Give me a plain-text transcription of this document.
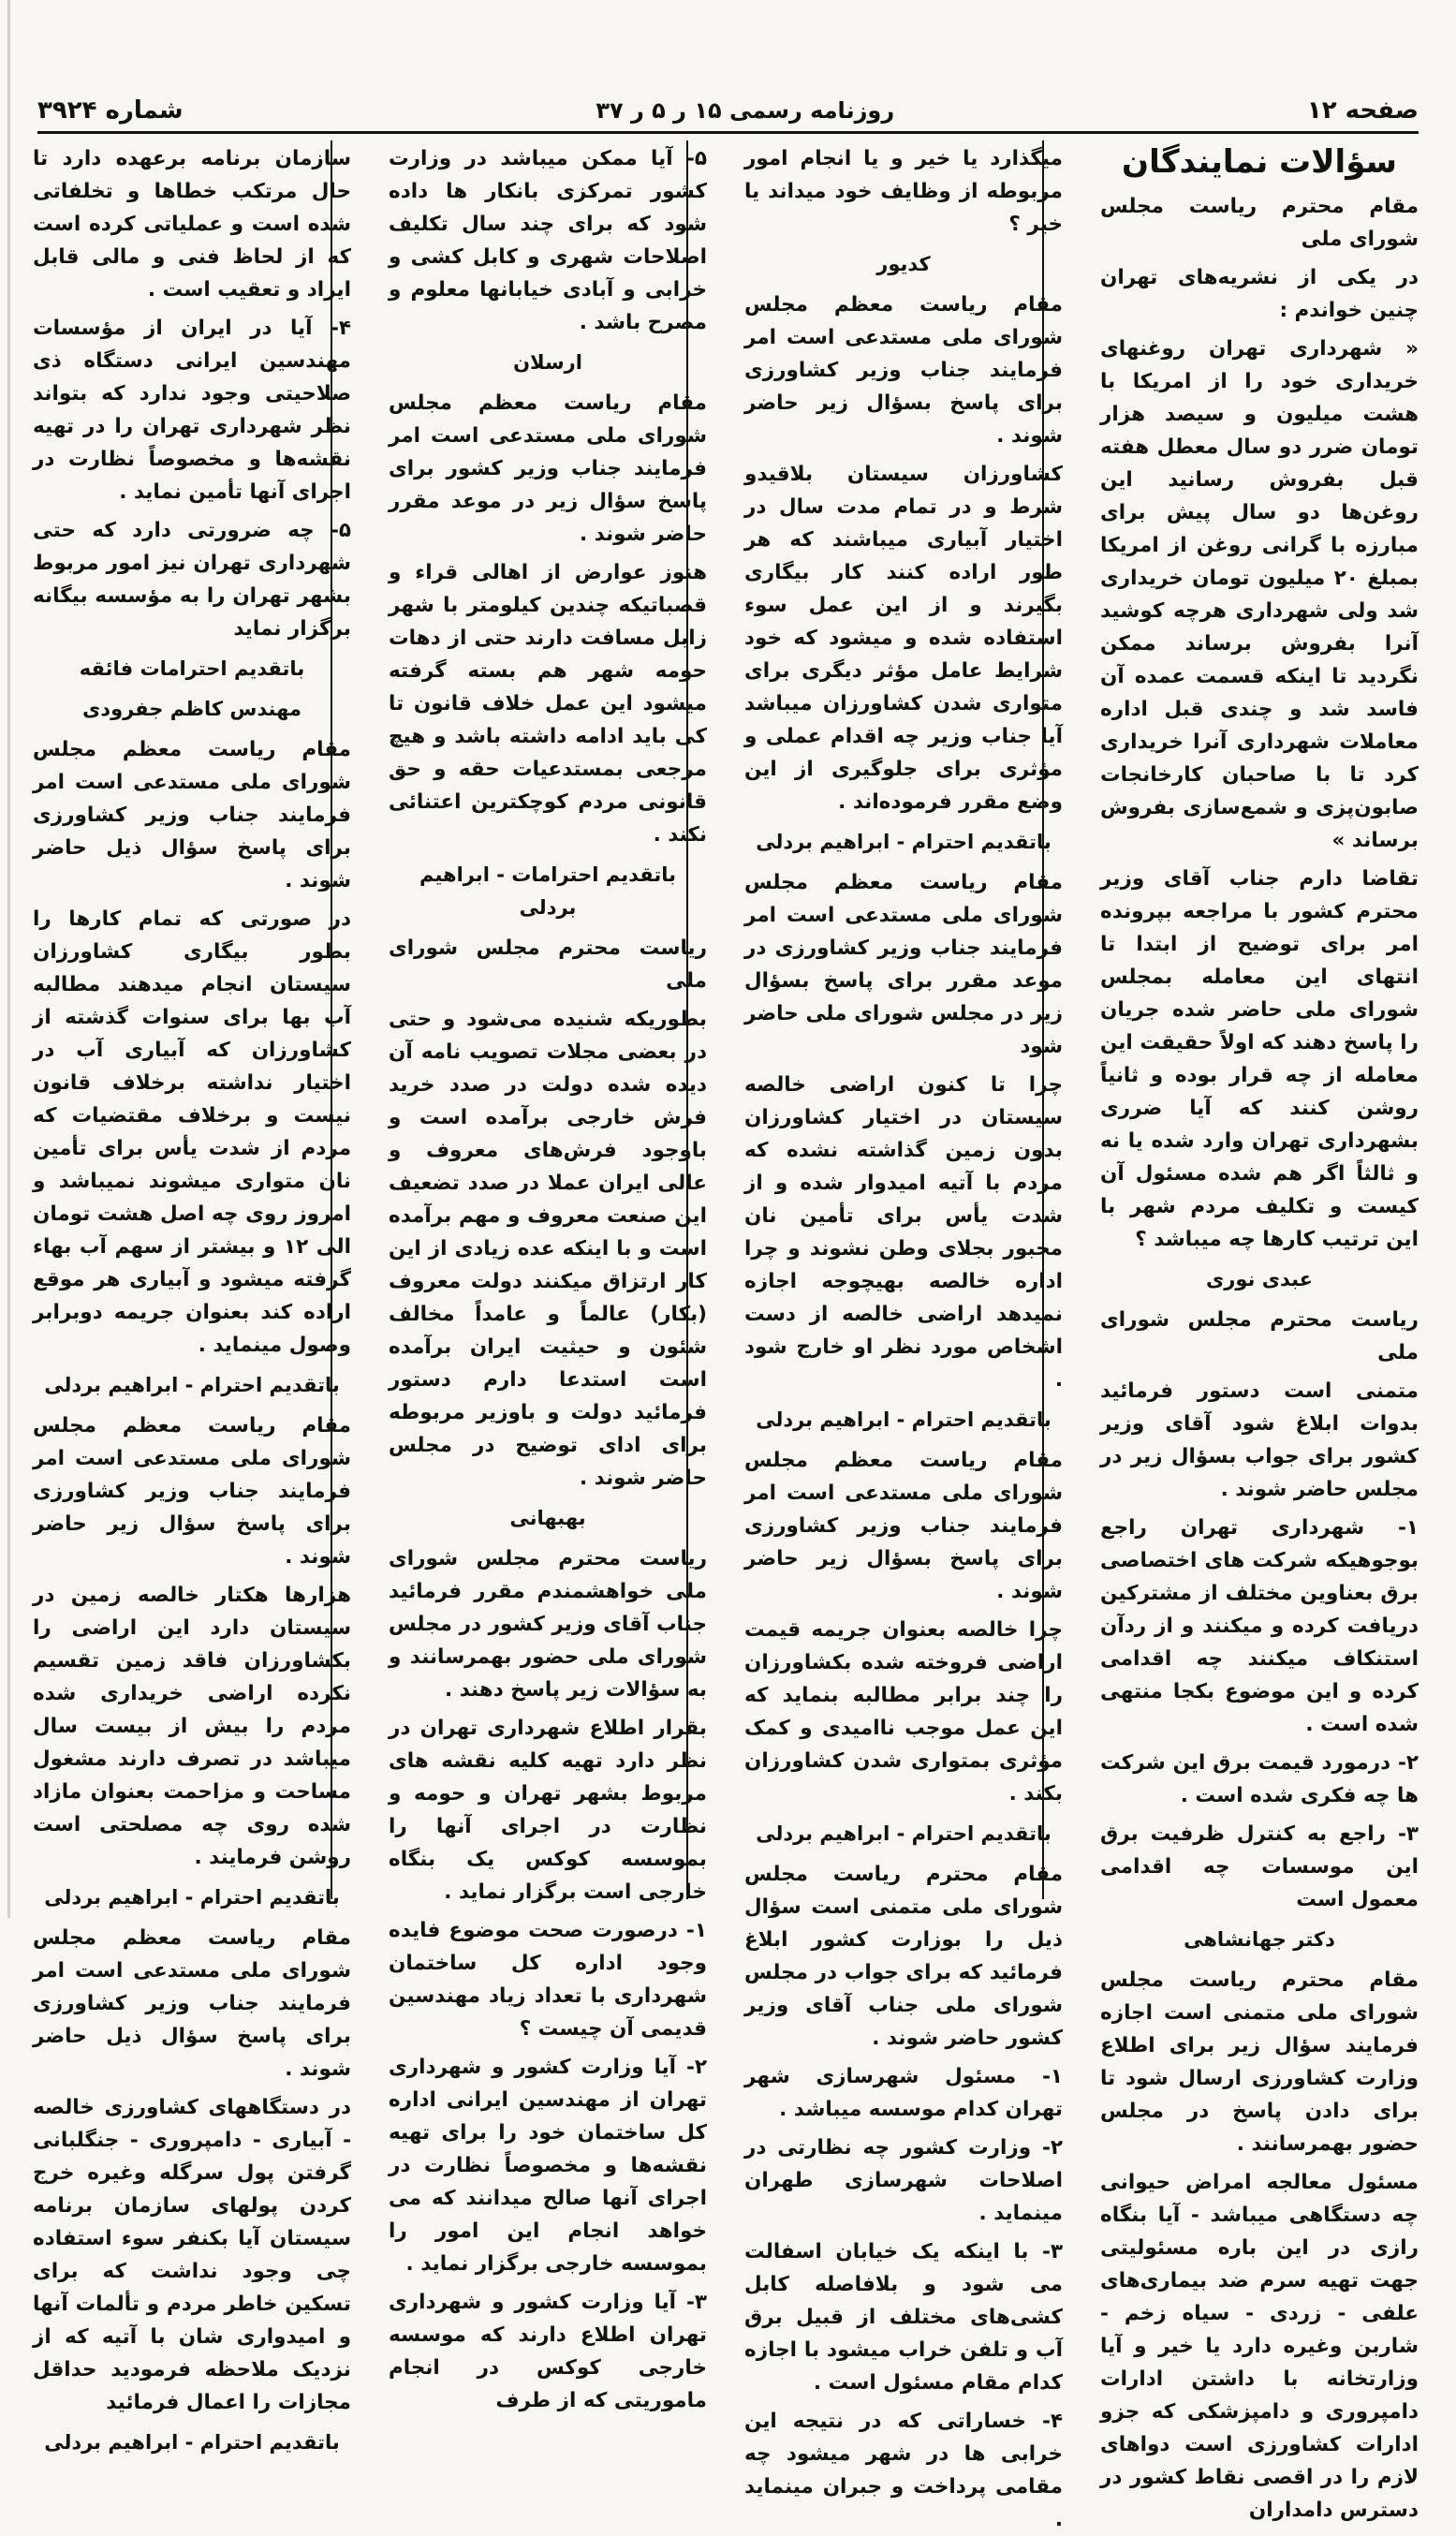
صفحه ۱۲
روزنامه رسمی ۱۵ ر ۵ ر ۳۷
شماره ۳۹۲۴
سؤالات نمایندگان

مقام محترم ریاست مجلس شورای ملی

در یکی از نشریه‌های تهران چنین خواندم :

« شهرداری تهران روغنهای خریداری خود را از امریکا با هشت میلیون و سیصد هزار تومان ضرر دو سال معطل هفته قبل بفروش رسانید این روغن‌ها دو سال پیش برای مبارزه با گرانی روغن از امریکا بمبلغ ۲۰ میلیون تومان خریداری شد ولی شهرداری هرچه کوشید آنرا بفروش برساند ممکن نگردید تا اینکه قسمت عمده آن فاسد شد و چندی قبل اداره معاملات شهرداری آنرا خریداری کرد تا با صاحبان کارخانجات صابون‌پزی و شمع‌سازی بفروش برساند »

تقاضا دارم جناب آقای وزیر محترم کشور با مراجعه بپرونده امر برای توضیح از ابتدا تا انتهای این معامله بمجلس شورای ملی حاضر شده جریان را پاسخ دهند که اولاً حقیقت این معامله از چه قرار بوده و ثانیاً روشن کنند که آیا ضرری بشهرداری تهران وارد شده یا نه و ثالثاً اگر هم شده مسئول آن کیست و تکلیف مردم شهر با این ترتیب کارها چه میباشد ؟

عبدی نوری

ریاست محترم مجلس شورای ملی

متمنی است دستور فرمائید بدوات ابلاغ شود آقای وزیر کشور برای جواب بسؤال زیر در مجلس حاضر شوند .

۱- شهرداری تهران راجع بوجوهیکه شرکت های اختصاصی برق بعناوین مختلف از مشترکین دریافت کرده و میکنند و از ردآن استنکاف میکنند چه اقدامی کرده و این موضوع بکجا منتهی شده است .

۲- درمورد قیمت برق این شرکت ها چه فکری شده است .

۳- راجع به کنترل ظرفیت برق این موسسات چه اقدامی معمول است

دکتر جهانشاهی

مقام محترم ریاست مجلس شورای ملی متمنی است اجازه فرمایند سؤال زیر برای اطلاع وزارت کشاورزی ارسال شود تا برای دادن پاسخ در مجلس حضور بهمرسانند .

مسئول معالجه امراض حیوانی چه دستگاهی میباشد - آیا بنگاه رازی در این باره مسئولیتی جهت تهیه سرم ضد بیماری‌های علفی - زردی - سیاه زخم - شاربن وغیره دارد یا خیر و آیا وزارتخانه با داشتن ادارات دامپروری و دامپزشکی که جزو ادارات کشاورزی است دواهای لازم را در اقصی نقاط کشور در دسترس دامداران

میگذارد یا خیر و یا انجام امور مربوطه از وظایف خود میداند یا خیر ؟

کدیور

مقام ریاست معظم مجلس شورای ملی مستدعی است امر فرمایند جناب وزیر کشاورزی برای پاسخ بسؤال زیر حاضر شوند .

کشاورزان سیستان بلاقیدو شرط و در تمام مدت سال در اختیار آبیاری میباشند که هر طور اراده کنند کار بیگاری بگیرند و از این عمل سوء استفاده شده و میشود که خود شرایط عامل مؤثر دیگری برای متواری شدن کشاورزان میباشد آیا جناب وزیر چه اقدام عملی و مؤثری برای جلوگیری از این وضع مقرر فرموده‌اند .

باتقدیم احترام - ابراهیم بردلی

مقام ریاست معظم مجلس شورای ملی مستدعی است امر فرمایند جناب وزیر کشاورزی در موعد مقرر برای پاسخ بسؤال زیر در مجلس شورای ملی حاضر شود

چرا تا کنون اراضی خالصه سیستان در اختیار کشاورزان بدون زمین گذاشته نشده که مردم با آتیه امیدوار شده و از شدت یأس برای تأمین نان مجبور بجلای وطن نشوند و چرا اداره خالصه بهیچوجه اجازه نمیدهد اراضی خالصه از دست اشخاص مورد نظر او خارج شود .

باتقدیم احترام - ابراهیم بردلی

مقام ریاست معظم مجلس شورای ملی مستدعی است امر فرمایند جناب وزیر کشاورزی برای پاسخ بسؤال زیر حاضر شوند .

چرا خالصه بعنوان جریمه قیمت اراضی فروخته شده بکشاورزان را چند برابر مطالبه بنماید که این عمل موجب ناامیدی و کمک مؤثری بمتواری شدن کشاورزان بکند .

باتقدیم احترام - ابراهیم بردلی

مقام محترم ریاست مجلس شورای ملی متمنی است سؤال ذیل را بوزارت کشور ابلاغ فرمائید که برای جواب در مجلس شورای ملی جناب آقای وزیر کشور حاضر شوند .

۱- مسئول شهرسازی شهر تهران کدام موسسه میباشد .

۲- وزارت کشور چه نظارتی در اصلاحات شهرسازی طهران مینماید .

۳- با اینکه یک خیابان اسفالت می شود و بلافاصله کابل کشی‌های مختلف از قبیل برق آب و تلفن خراب میشود با اجازه کدام مقام مسئول است .

۴- خساراتی که در نتیجه این خرابی ها در شهر میشود چه مقامی پرداخت و جبران مینماید .

۵- آیا ممکن میباشد در وزارت کشور تمرکزی بانکار ها داده شود که برای چند سال تکلیف اصلاحات شهری و کابل کشی و خرابی و آبادی خیابانها معلوم و مصرح باشد .

ارسلان

مقام ریاست معظم مجلس شورای ملی مستدعی است امر فرمایند جناب وزیر کشور برای پاسخ سؤال زیر در موعد مقرر حاضر شوند .

هنوز عوارض از اهالی قراء و قصباتیکه چندین کیلومتر با شهر زابل مسافت دارند حتی از دهات حومه شهر هم بسته گرفته میشود این عمل خلاف قانون تا کی باید ادامه داشته باشد و هیچ مرجعی بمستدعیات حقه و حق قانونی مردم کوچکترین اعتنائی نکند .

باتقدیم احترامات - ابراهیم بردلی

ریاست محترم مجلس شورای ملی

بطوریکه شنیده می‌شود و حتی در بعضی مجلات تصویب نامه آن دیده شده دولت در صدد خرید فرش خارجی برآمده است و باوجود فرش‌های معروف و عالی ایران عملا در صدد تضعیف این صنعت معروف و مهم برآمده است و با اینکه عده زیادی از این کار ارتزاق میکنند دولت معروف (بکار) عالماً و عامداً مخالف شئون و حیثیت ایران برآمده است استدعا دارم دستور فرمائید دولت و باوزیر مربوطه برای ادای توضیح در مجلس حاضر شوند .

بهبهانی

ریاست محترم مجلس شورای ملی خواهشمندم مقرر فرمائید جناب آقای وزیر کشور در مجلس شورای ملی حضور بهمرسانند و به سؤالات زیر پاسخ دهند .

بقرار اطلاع شهرداری تهران در نظر دارد تهیه کلیه نقشه های مربوط بشهر تهران و حومه و نظارت در اجرای آنها را بموسسه کوکس یک بنگاه خارجی است برگزار نماید .

۱- درصورت صحت موضوع فایده وجود اداره کل ساختمان شهرداری با تعداد زیاد مهندسین قدیمی آن چیست ؟

۲- آیا وزارت کشور و شهرداری تهران از مهندسین ایرانی اداره کل ساختمان خود را برای تهیه نقشه‌ها و مخصوصاً نظارت در اجرای آنها صالح میدانند که می خواهد انجام این امور را بموسسه خارجی برگزار نماید .

۳- آیا وزارت کشور و شهرداری تهران اطلاع دارند که موسسه خارجی کوکس در انجام ماموریتی که از طرف

سازمان برنامه برعهده دارد تا حال مرتکب خطاها و تخلفاتی شده است و عملیاتی کرده است که از لحاظ فنی و مالی قابل ایراد و تعقیب است .

۴- آیا در ایران از مؤسسات مهندسین ایرانی دستگاه ذی صلاحیتی وجود ندارد که بتواند نظر شهرداری تهران را در تهیه نقشه‌ها و مخصوصاً نظارت در اجرای آنها تأمین نماید .

۵- چه ضرورتی دارد که حتی شهرداری تهران نیز امور مربوط بشهر تهران را به مؤسسه بیگانه برگزار نماید

باتقدیم احترامات فائقه
مهندس کاظم جفرودی

مقام ریاست معظم مجلس شورای ملی مستدعی است امر فرمایند جناب وزیر کشاورزی برای پاسخ سؤال ذیل حاضر شوند .

در صورتی که تمام کارها را بطور بیگاری کشاورزان سیستان انجام میدهند مطالبه آب بها برای سنوات گذشته از کشاورزان که آبیاری آب در اختیار نداشته برخلاف قانون نیست و برخلاف مقتضیات که مردم از شدت یأس برای تأمین نان متواری میشوند نمیباشد و امروز روی چه اصل هشت تومان الی ۱۲ و بیشتر از سهم آب بهاء گرفته میشود و آبیاری هر موقع اراده کند بعنوان جریمه دوبرابر وصول مینماید .

باتقدیم احترام - ابراهیم بردلی

مقام ریاست معظم مجلس شورای ملی مستدعی است امر فرمایند جناب وزیر کشاورزی برای پاسخ سؤال زیر حاضر شوند .

هزارها هکتار خالصه زمین در سیستان دارد این اراضی را بکشاورزان فاقد زمین تقسیم نکرده اراضی خریداری شده مردم را بیش از بیست سال میباشد در تصرف دارند مشغول مساحت و مزاحمت بعنوان مازاد شده روی چه مصلحتی است روشن فرمایند .

باتقدیم احترام - ابراهیم بردلی

مقام ریاست معظم مجلس شورای ملی مستدعی است امر فرمایند جناب وزیر کشاورزی برای پاسخ سؤال ذیل حاضر شوند .

در دستگاههای کشاورزی خالصه - آبیاری - دامپروری - جنگلبانی گرفتن پول سرگله وغیره خرج کردن پولهای سازمان برنامه سیستان آیا بکنفر سوء استفاده چی وجود نداشت که برای تسکین خاطر مردم و تألمات آنها و امیدواری شان با آتیه که از نزدیک ملاحظه فرمودید حداقل مجازات را اعمال فرمائید

باتقدیم احترام - ابراهیم بردلی
